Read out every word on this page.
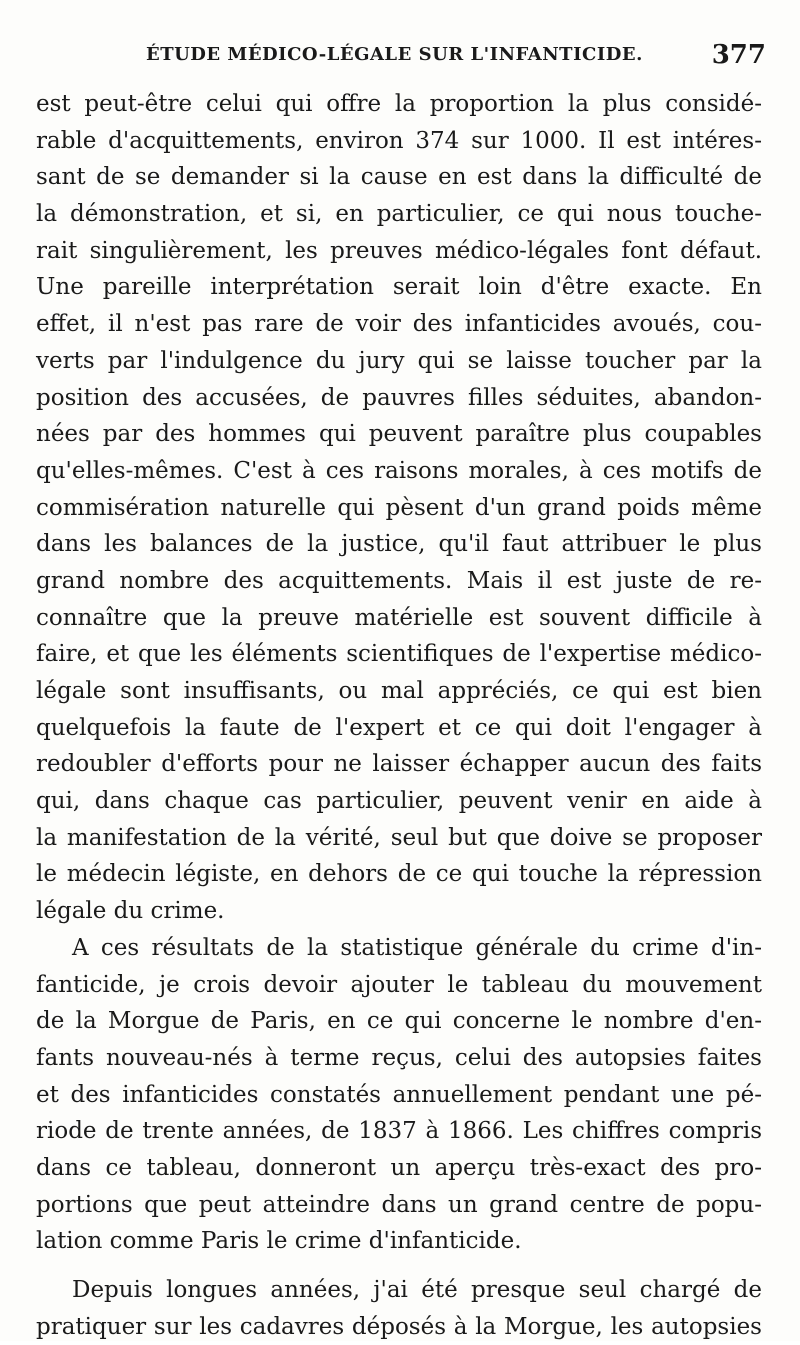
ÉTUDE MÉDICO-LÉGALE SUR L'INFANTICIDE.	377
est peut-être celui qui offre la proportion la plus considé-
rable d'acquittements, environ 374 sur 1000. Il est intéres-
sant de se demander si la cause en est dans la difficulté de
la démonstration, et si, en particulier, ce qui nous touche-
rait singulièrement, les preuves médico-légales font défaut.
Une pareille interprétation serait loin d'être exacte. En
effet, il n'est pas rare de voir des infanticides avoués, cou-
verts par l'indulgence du jury qui se laisse toucher par la
position des accusées, de pauvres filles séduites, abandon-
nées par des hommes qui peuvent paraître plus coupables
qu'elles-mêmes. C'est à ces raisons morales, à ces motifs de
commisération naturelle qui pèsent d'un grand poids même
dans les balances de la justice, qu'il faut attribuer le plus
grand nombre des acquittements. Mais il est juste de re-
connaître que la preuve matérielle est souvent difficile à
faire, et que les éléments scientifiques de l'expertise médico-
légale sont insuffisants, ou mal appréciés, ce qui est bien
quelquefois la faute de l'expert et ce qui doit l'engager à
redoubler d'efforts pour ne laisser échapper aucun des faits
qui, dans chaque cas particulier, peuvent venir en aide à
la manifestation de la vérité, seul but que doive se proposer
le médecin légiste, en dehors de ce qui touche la répression
légale du crime.
A ces résultats de la statistique générale du crime d'in-
fanticide, je crois devoir ajouter le tableau du mouvement
de la Morgue de Paris, en ce qui concerne le nombre d'en-
fants nouveau-nés à terme reçus, celui des autopsies faites
et des infanticides constatés annuellement pendant une pé-
riode de trente années, de 1837 à 1866. Les chiffres compris
dans ce tableau, donneront un aperçu très-exact des pro-
portions que peut atteindre dans un grand centre de popu-
lation comme Paris le crime d'infanticide.
Depuis longues années, j'ai été presque seul chargé de
pratiquer sur les cadavres déposés à la Morgue, les autopsies
